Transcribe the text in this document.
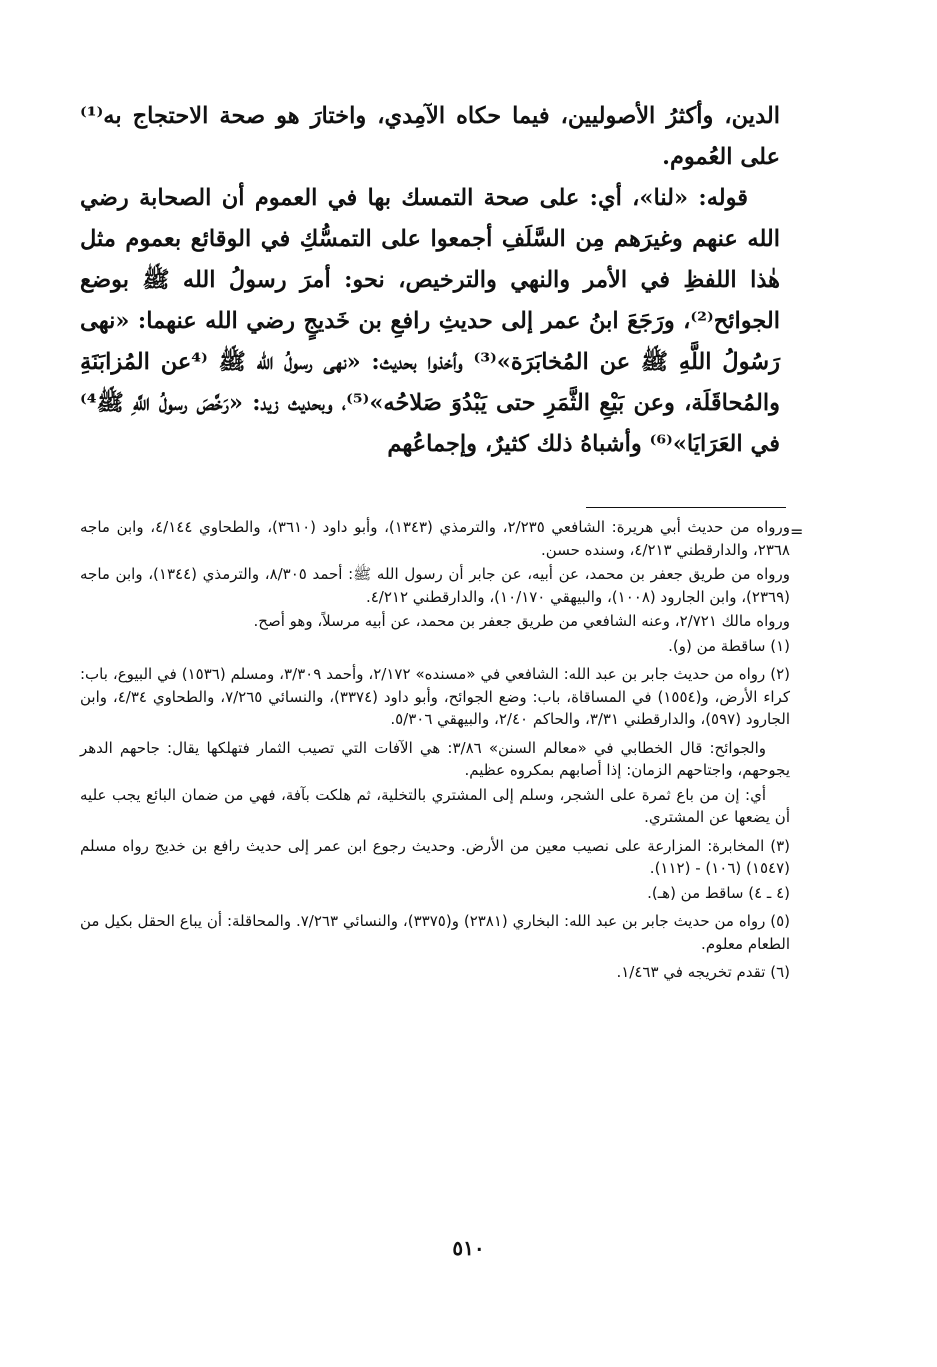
الدين، وأكثرُ الأصوليين، فيما حكاه الآمِدي، واختارَ هو صحة الاحتجاج به⁽¹⁾ على العُموم.

قوله: «لنا»، أي: على صحة التمسك بها في العموم أن الصحابة رضي الله عنهم وغيرَهم مِن السَّلَفِ أجمعوا على التمسُّكِ في الوقائع بعموم مثل هٰذا اللفظِ في الأمر والنهي والترخيص، نحو: أمرَ رسولُ الله ﷺ بوضع الجوائح⁽²⁾، ورَجَعَ ابنُ عمر إلى حديثِ رافعِ بن خَديجٍ رضي الله عنهما: «نهى رَسُولُ اللَّهِ ﷺ عن المُخابَرَة»⁽³⁾ وأخذوا بحديث: «نهى رسولُ الله ﷺ ⁽⁴عن المُزابَنَةِ والمُحاقَلَة، وعن بَيْعِ الثَّمَرِ حتى يَبْدُوَ صَلاحُه»⁽⁵⁾، وبحديث زيد: «رَخَّصَ رسولُ اللَّهِ ﷺ⁴⁾ في العَرَايَا»⁽⁶⁾ وأشباهُ ذلك كثيرٌ، وإجماعُهم

=

ورواه من حديث أبي هريرة: الشافعي ٢/٢٣٥، والترمذي (١٣٤٣)، وأبو داود (٣٦١٠)، والطحاوي ٤/١٤٤، وابن ماجه ٢٣٦٨، والدارقطني ٤/٢١٣، وسنده حسن.

ورواه من طريق جعفر بن محمد، عن أبيه، عن جابر أن رسول الله ﷺ: أحمد ٨/٣٠٥، والترمذي (١٣٤٤)، وابن ماجه (٢٣٦٩)، وابن الجارود (١٠٠٨)، والبيهقي ١٠/١٧٠)، والدارقطني ٤/٢١٢.

ورواه مالك ٢/٧٢١، وعنه الشافعي من طريق جعفر بن محمد، عن أبيه مرسلاً، وهو أصح.

(١) ساقطة من (و).

(٢) رواه من حديث جابر بن عبد الله: الشافعي في «مسنده» ٢/١٧٢، وأحمد ٣/٣٠٩، ومسلم (١٥٣٦) في البيوع، باب: كراء الأرض، و(١٥٥٤) في المساقاة، باب: وضع الجوائح، وأبو داود (٣٣٧٤)، والنسائي ٧/٢٦٥، والطحاوي ٤/٣٤، وابن الجارود (٥٩٧)، والدارقطني ٣/٣١، والحاكم ٢/٤٠، والبيهقي ٥/٣٠٦.

والجوائح: قال الخطابي في «معالم السنن» ٣/٨٦: هي الآفات التي تصيب الثمار فتهلكها يقال: جاحهم الدهر يجوحهم، واجتاحهم الزمان: إذا أصابهم بمكروه عظيم.

أي: إن من باع ثمرة على الشجر، وسلم إلى المشتري بالتخلية، ثم هلكت بآفة، فهي من ضمان البائع يجب عليه أن يضعها عن المشتري.

(٣) المخابرة: المزارعة على نصيب معين من الأرض. وحديث رجوع ابن عمر إلى حديث رافع بن خديج رواه مسلم (١٥٤٧) (١٠٦) - (١١٢).

(٤ ـ ٤) ساقط من (هـ).

(٥) رواه من حديث جابر بن عبد الله: البخاري (٢٣٨١) و(٣٣٧٥)، والنسائي ٧/٢٦٣. والمحاقلة: أن يباع الحقل بكيل من الطعام معلوم.

(٦) تقدم تخريجه في ١/٤٦٣.

٥١٠
